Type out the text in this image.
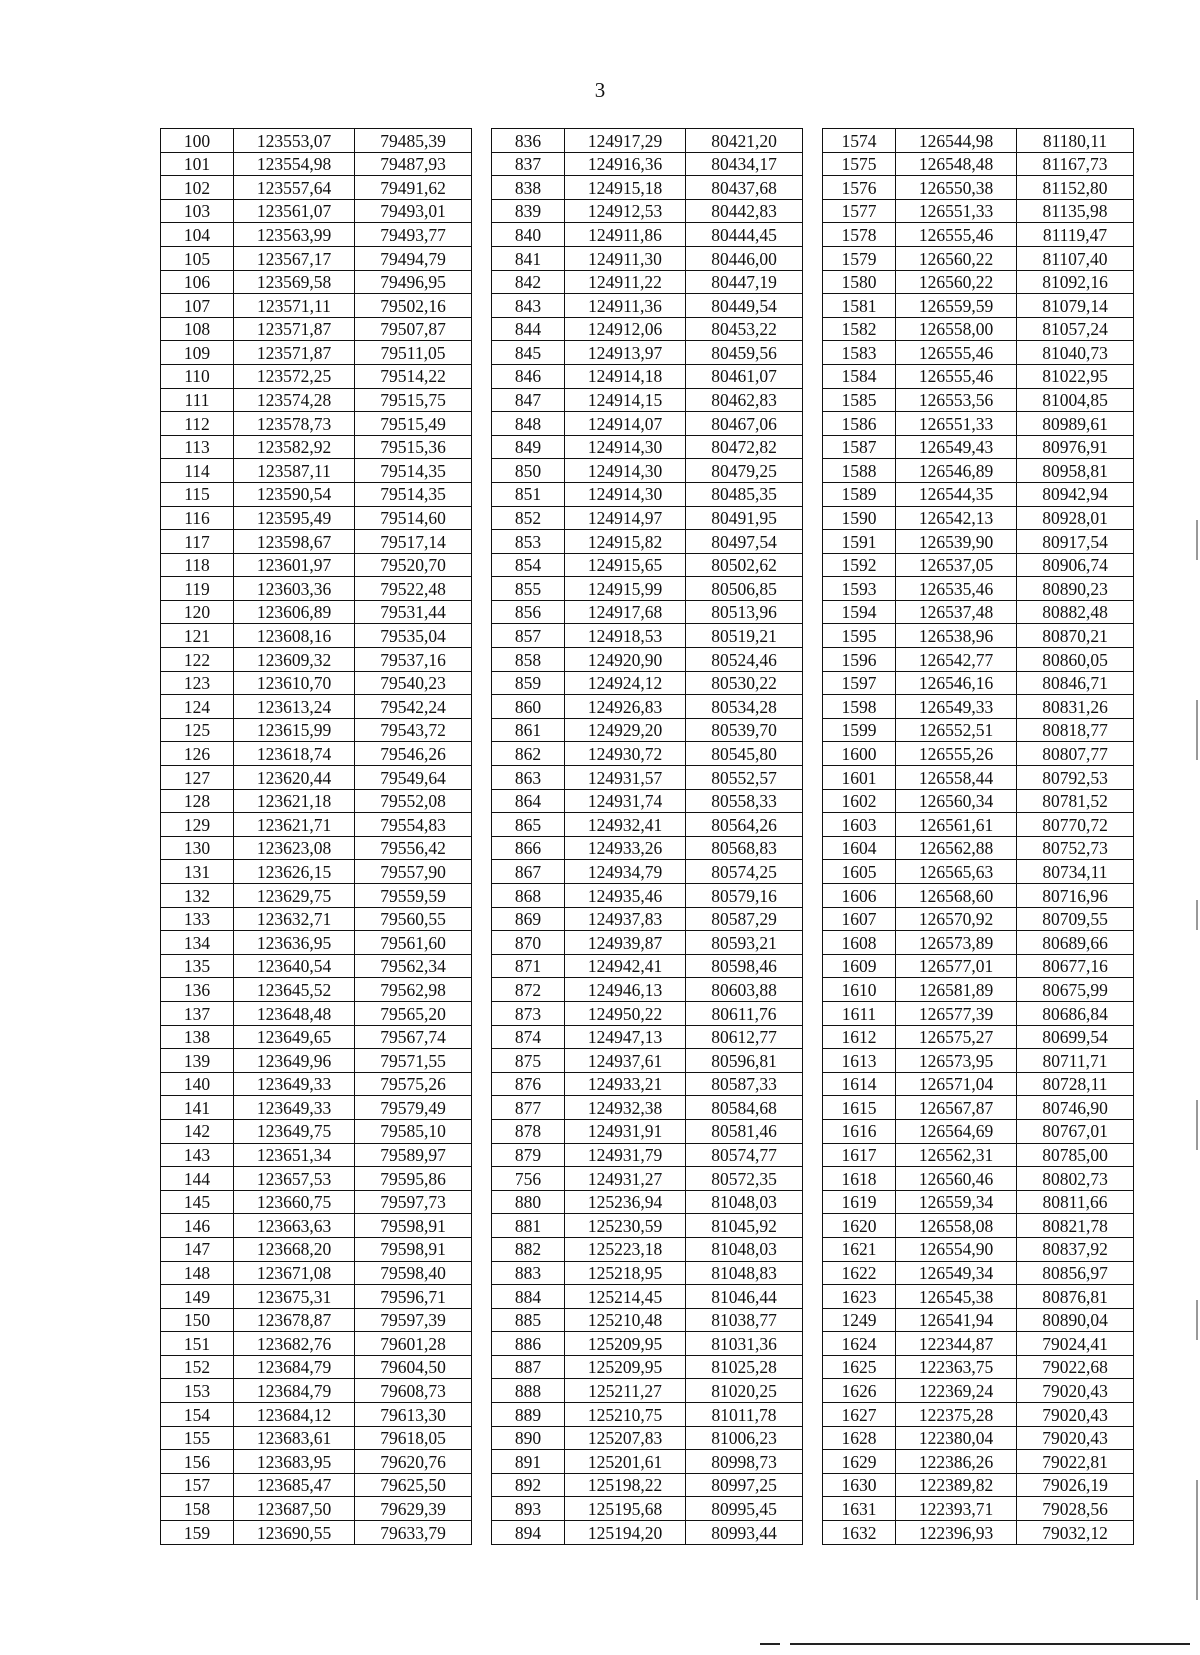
3
100	123553,07	79485,39		836	124917,29	80421,20		1574	126544,98	81180,11
101	123554,98	79487,93		837	124916,36	80434,17		1575	126548,48	81167,73
102	123557,64	79491,62		838	124915,18	80437,68		1576	126550,38	81152,80
103	123561,07	79493,01		839	124912,53	80442,83		1577	126551,33	81135,98
104	123563,99	79493,77		840	124911,86	80444,45		1578	126555,46	81119,47
105	123567,17	79494,79		841	124911,30	80446,00		1579	126560,22	81107,40
106	123569,58	79496,95		842	124911,22	80447,19		1580	126560,22	81092,16
107	123571,11	79502,16		843	124911,36	80449,54		1581	126559,59	81079,14
108	123571,87	79507,87		844	124912,06	80453,22		1582	126558,00	81057,24
109	123571,87	79511,05		845	124913,97	80459,56		1583	126555,46	81040,73
110	123572,25	79514,22		846	124914,18	80461,07		1584	126555,46	81022,95
111	123574,28	79515,75		847	124914,15	80462,83		1585	126553,56	81004,85
112	123578,73	79515,49		848	124914,07	80467,06		1586	126551,33	80989,61
113	123582,92	79515,36		849	124914,30	80472,82		1587	126549,43	80976,91
114	123587,11	79514,35		850	124914,30	80479,25		1588	126546,89	80958,81
115	123590,54	79514,35		851	124914,30	80485,35		1589	126544,35	80942,94
116	123595,49	79514,60		852	124914,97	80491,95		1590	126542,13	80928,01
117	123598,67	79517,14		853	124915,82	80497,54		1591	126539,90	80917,54
118	123601,97	79520,70		854	124915,65	80502,62		1592	126537,05	80906,74
119	123603,36	79522,48		855	124915,99	80506,85		1593	126535,46	80890,23
120	123606,89	79531,44		856	124917,68	80513,96		1594	126537,48	80882,48
121	123608,16	79535,04		857	124918,53	80519,21		1595	126538,96	80870,21
122	123609,32	79537,16		858	124920,90	80524,46		1596	126542,77	80860,05
123	123610,70	79540,23		859	124924,12	80530,22		1597	126546,16	80846,71
124	123613,24	79542,24		860	124926,83	80534,28		1598	126549,33	80831,26
125	123615,99	79543,72		861	124929,20	80539,70		1599	126552,51	80818,77
126	123618,74	79546,26		862	124930,72	80545,80		1600	126555,26	80807,77
127	123620,44	79549,64		863	124931,57	80552,57		1601	126558,44	80792,53
128	123621,18	79552,08		864	124931,74	80558,33		1602	126560,34	80781,52
129	123621,71	79554,83		865	124932,41	80564,26		1603	126561,61	80770,72
130	123623,08	79556,42		866	124933,26	80568,83		1604	126562,88	80752,73
131	123626,15	79557,90		867	124934,79	80574,25		1605	126565,63	80734,11
132	123629,75	79559,59		868	124935,46	80579,16		1606	126568,60	80716,96
133	123632,71	79560,55		869	124937,83	80587,29		1607	126570,92	80709,55
134	123636,95	79561,60		870	124939,87	80593,21		1608	126573,89	80689,66
135	123640,54	79562,34		871	124942,41	80598,46		1609	126577,01	80677,16
136	123645,52	79562,98		872	124946,13	80603,88		1610	126581,89	80675,99
137	123648,48	79565,20		873	124950,22	80611,76		1611	126577,39	80686,84
138	123649,65	79567,74		874	124947,13	80612,77		1612	126575,27	80699,54
139	123649,96	79571,55		875	124937,61	80596,81		1613	126573,95	80711,71
140	123649,33	79575,26		876	124933,21	80587,33		1614	126571,04	80728,11
141	123649,33	79579,49		877	124932,38	80584,68		1615	126567,87	80746,90
142	123649,75	79585,10		878	124931,91	80581,46		1616	126564,69	80767,01
143	123651,34	79589,97		879	124931,79	80574,77		1617	126562,31	80785,00
144	123657,53	79595,86		756	124931,27	80572,35		1618	126560,46	80802,73
145	123660,75	79597,73		880	125236,94	81048,03		1619	126559,34	80811,66
146	123663,63	79598,91		881	125230,59	81045,92		1620	126558,08	80821,78
147	123668,20	79598,91		882	125223,18	81048,03		1621	126554,90	80837,92
148	123671,08	79598,40		883	125218,95	81048,83		1622	126549,34	80856,97
149	123675,31	79596,71		884	125214,45	81046,44		1623	126545,38	80876,81
150	123678,87	79597,39		885	125210,48	81038,77		1249	126541,94	80890,04
151	123682,76	79601,28		886	125209,95	81031,36		1624	122344,87	79024,41
152	123684,79	79604,50		887	125209,95	81025,28		1625	122363,75	79022,68
153	123684,79	79608,73		888	125211,27	81020,25		1626	122369,24	79020,43
154	123684,12	79613,30		889	125210,75	81011,78		1627	122375,28	79020,43
155	123683,61	79618,05		890	125207,83	81006,23		1628	122380,04	79020,43
156	123683,95	79620,76		891	125201,61	80998,73		1629	122386,26	79022,81
157	123685,47	79625,50		892	125198,22	80997,25		1630	122389,82	79026,19
158	123687,50	79629,39		893	125195,68	80995,45		1631	122393,71	79028,56
159	123690,55	79633,79		894	125194,20	80993,44		1632	122396,93	79032,12
